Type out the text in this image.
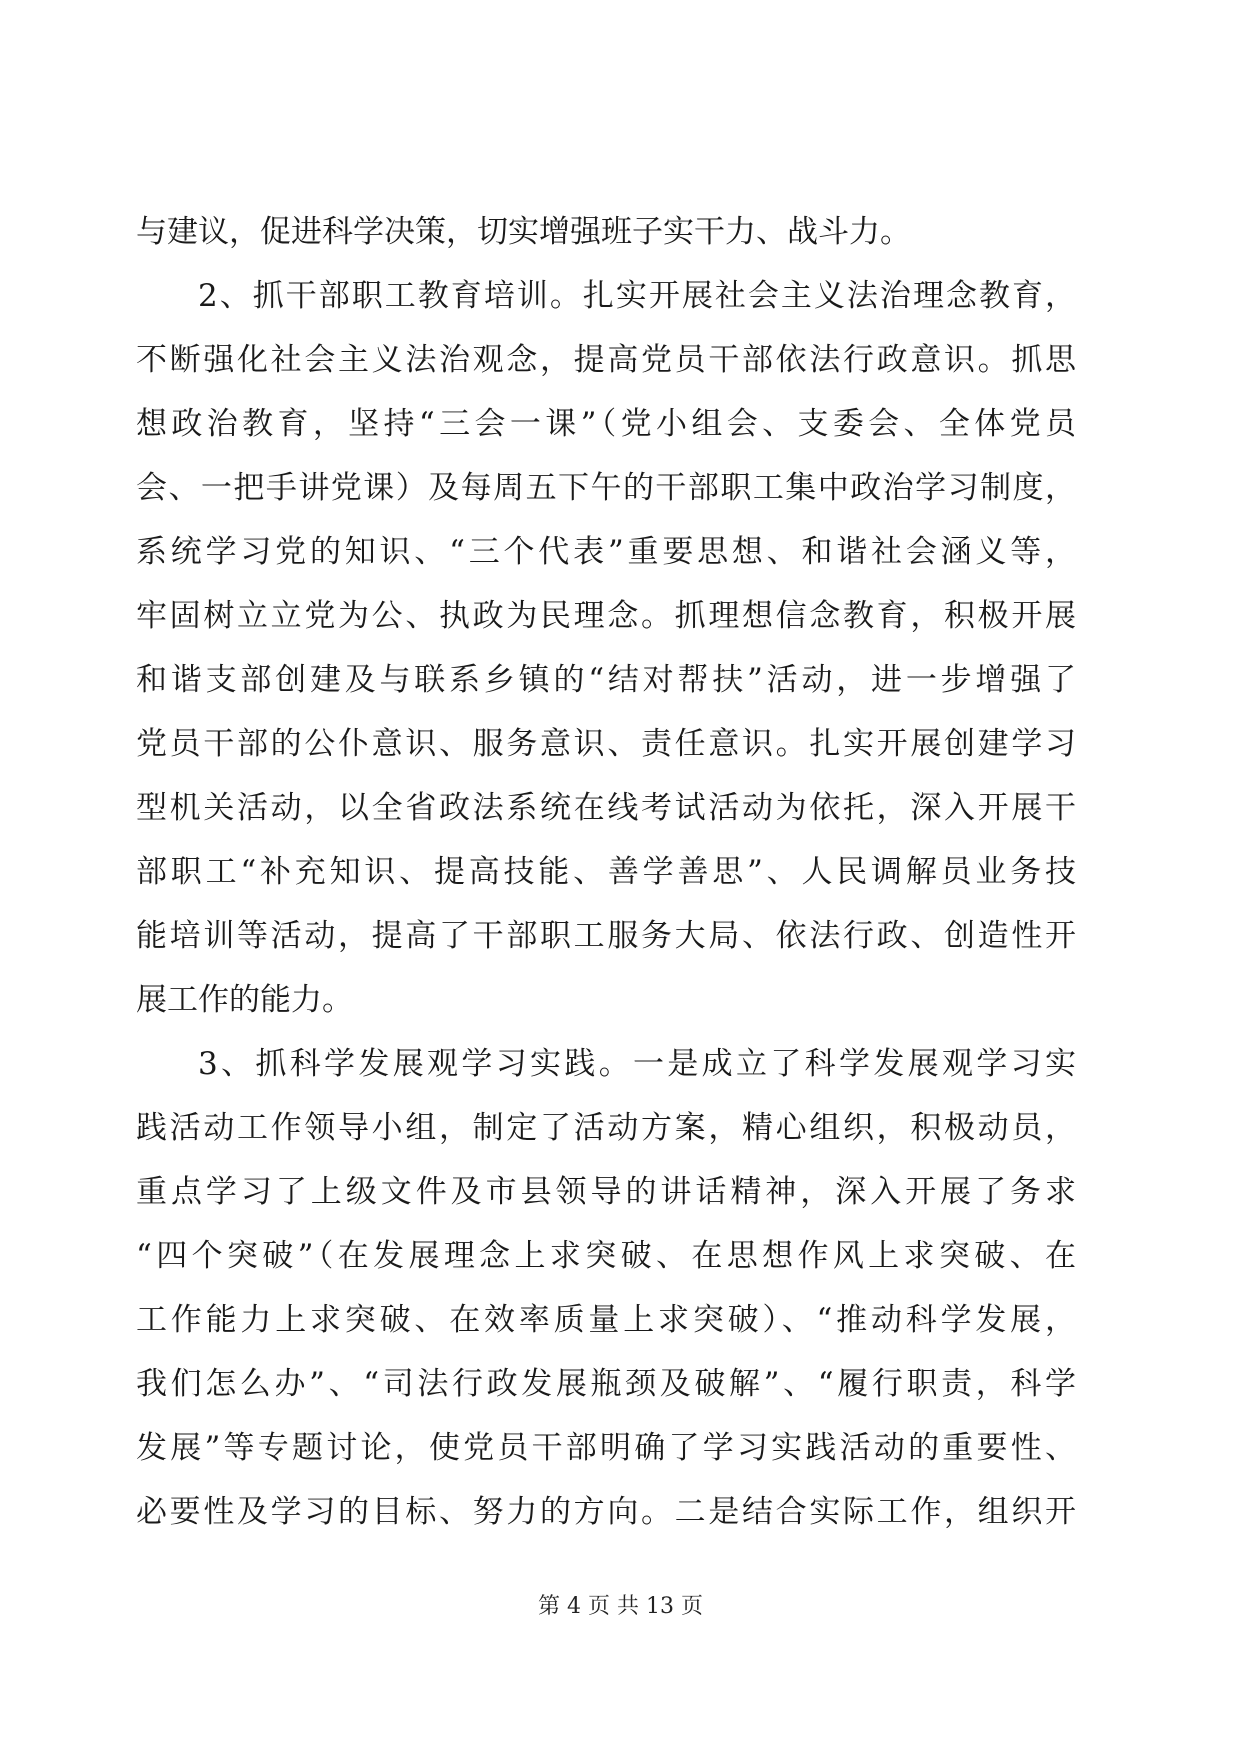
与建议，促进科学决策，切实增强班子实干力、战斗力。
2、抓干部职工教育培训。扎实开展社会主义法治理念教育，
不断强化社会主义法治观念，提高党员干部依法行政意识。抓思
想政治教育，坚持“三会一课”（党小组会、支委会、全体党员
会、一把手讲党课）及每周五下午的干部职工集中政治学习制度，
系统学习党的知识、“三个代表”重要思想、和谐社会涵义等，
牢固树立立党为公、执政为民理念。抓理想信念教育，积极开展
和谐支部创建及与联系乡镇的“结对帮扶”活动，进一步增强了
党员干部的公仆意识、服务意识、责任意识。扎实开展创建学习
型机关活动，以全省政法系统在线考试活动为依托，深入开展干
部职工“补充知识、提高技能、善学善思”、人民调解员业务技
能培训等活动，提高了干部职工服务大局、依法行政、创造性开
展工作的能力。
3、抓科学发展观学习实践。一是成立了科学发展观学习实
践活动工作领导小组，制定了活动方案，精心组织，积极动员，
重点学习了上级文件及市县领导的讲话精神，深入开展了务求
“四个突破”（在发展理念上求突破、在思想作风上求突破、在
工作能力上求突破、在效率质量上求突破）、“推动科学发展，
我们怎么办”、“司法行政发展瓶颈及破解”、“履行职责，科学
发展”等专题讨论，使党员干部明确了学习实践活动的重要性、
必要性及学习的目标、努力的方向。二是结合实际工作，组织开
第 4 页 共 13 页
